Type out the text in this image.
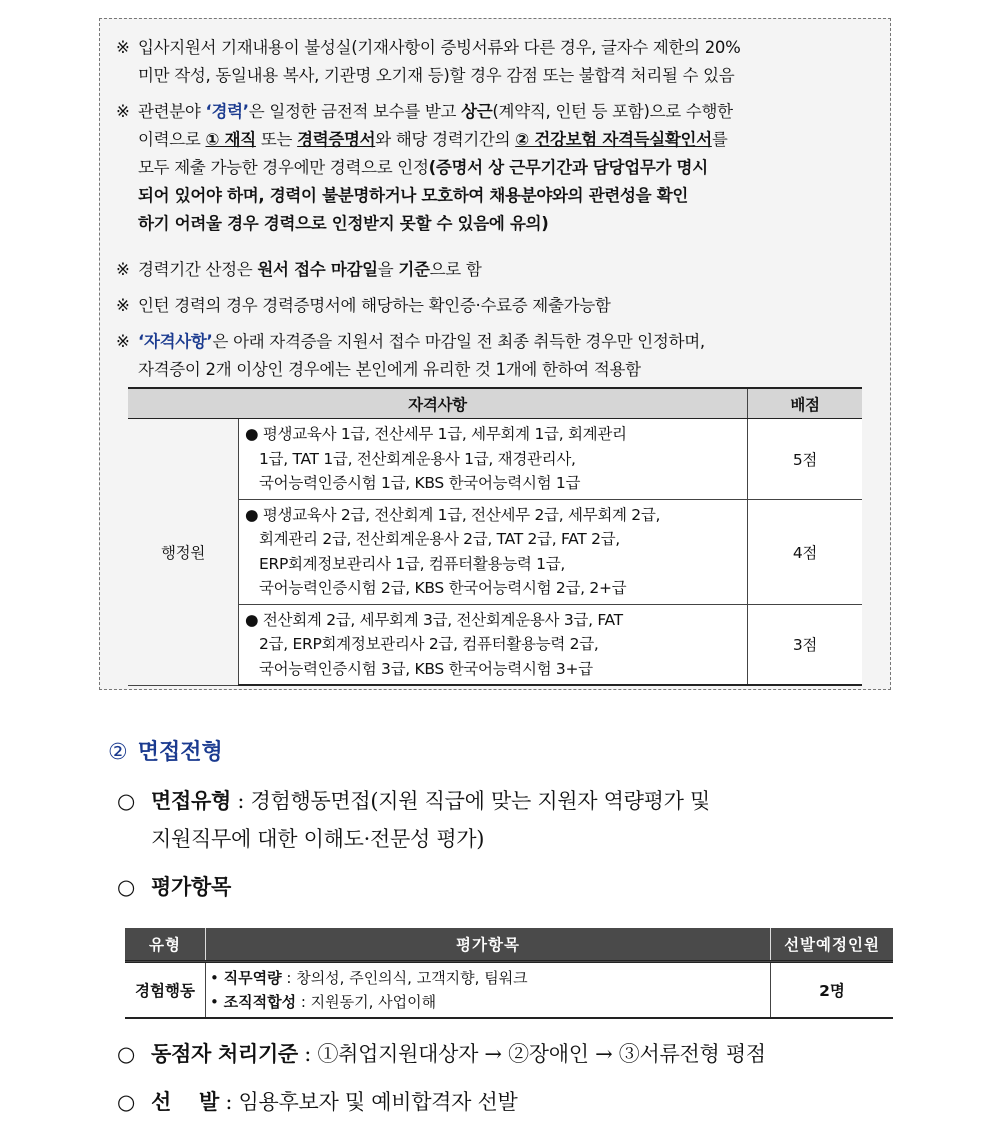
※ 입사지원서 기재내용이 불성실(기재사항이 증빙서류와 다른 경우, 글자수 제한의 20%
미만 작성, 동일내용 복사, 기관명 오기재 등)할 경우 감점 또는 불합격 처리될 수 있음
※ 관련분야 ‘경력’은 일정한 금전적 보수를 받고 상근(계약직, 인턴 등 포함)으로 수행한
이력으로 ① 재직 또는 경력증명서와 해당 경력기간의 ② 건강보험 자격득실확인서를
모두 제출 가능한 경우에만 경력으로 인정(증명서 상 근무기간과 담당업무가 명시
되어 있어야 하며, 경력이 불분명하거나 모호하여 채용분야와의 관련성을 확인
하기 어려울 경우 경력으로 인정받지 못할 수 있음에 유의)
※ 경력기간 산정은 원서 접수 마감일을 기준으로 함
※ 인턴 경력의 경우 경력증명서에 해당하는 확인증·수료증 제출가능함
※ ‘자격사항’은 아래 자격증을 지원서 접수 마감일 전 최종 취득한 경우만 인정하며,
자격증이 2개 이상인 경우에는 본인에게 유리한 것 1개에 한하여 적용함
자격사항		배점
행정원	● 평생교육사 1급, 전산세무 1급, 세무회계 1급, 회계관리
1급, TAT 1급, 전산회계운용사 1급, 재경관리사,
국어능력인증시험 1급, KBS 한국어능력시험 1급	5점

	● 평생교육사 2급, 전산회계 1급, 전산세무 2급, 세무회계 2급,
회계관리 2급, 전산회계운용사 2급, TAT 2급, FAT 2급,
ERP회계정보관리사 1급, 컴퓨터활용능력 1급,
국어능력인증시험 2급, KBS 한국어능력시험 2급, 2+급	4점

	● 전산회계 2급, 세무회계 3급, 전산회계운용사 3급, FAT
2급, ERP회계정보관리사 2급, 컴퓨터활용능력 2급,
국어능력인증시험 3급, KBS 한국어능력시험 3+급	3점
② 면접전형
○ 면접유형 : 경험행동면접(지원 직급에 맞는 지원자 역량평가 및
지원직무에 대한 이해도·전문성 평가)
○ 평가항목
유형	평가항목	선발예정인원
경험행동	• 직무역량 : 창의성, 주인의식, 고객지향, 팀워크
• 조직적합성 : 지원동기, 사업이해	2명
○ 동점자 처리기준 : ①취업지원대상자 → ②장애인 → ③서류전형 평점
○ 선    발 : 임용후보자 및 예비합격자 선발
